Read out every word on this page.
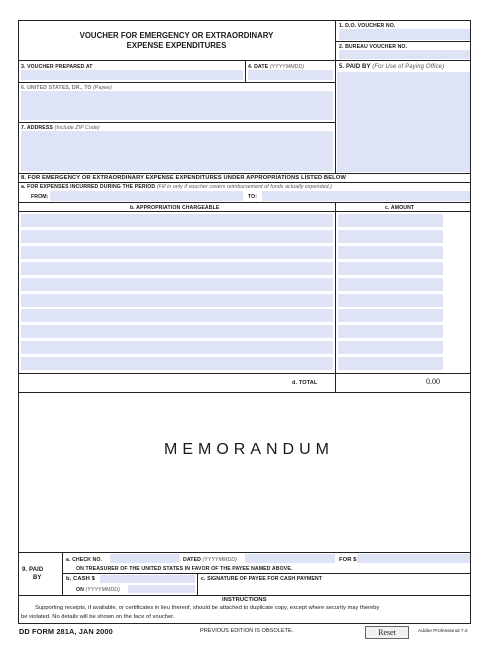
VOUCHER FOR EMERGENCY OR EXTRAORDINARY
EXPENSE EXPENDITURES
1. D.O. VOUCHER NO.
2. BUREAU VOUCHER NO.
3. VOUCHER PREPARED AT	4. DATE (YYYYMMDD)	5. PAID BY (For Use of Paying Office)
6. UNITED STATES, DR., TO (Payee)
7. ADDRESS (Include ZIP Code)
8. FOR EMERGENCY OR EXTRAORDINARY EXPENSE EXPENDITURES UNDER APPROPRIATIONS LISTED BELOW
a. FOR EXPENSES INCURRED DURING THE PERIOD (Fill in only if voucher covers reimbursement of funds actually expended.)
FROM:	TO:
b. APPROPRIATION CHARGEABLE	c. AMOUNT
d. TOTAL	0.00
MEMORANDUM
9. PAID
BY
a. CHECK NO.	DATED (YYYYMMDD)	FOR $
ON TREASURER OF THE UNITED STATES IN FAVOR OF THE PAYEE NAMED ABOVE.
b. CASH $
ON (YYYYMMDD)
c. SIGNATURE OF PAYEE FOR CASH PAYMENT
INSTRUCTIONS
Supporting receipts, if available, or certificates in lieu thereof, should be attached to duplicate copy, except where security may thereby
be violated. No details will be shown on the face of voucher.
DD FORM 281A, JAN 2000	PREVIOUS EDITION IS OBSOLETE.	Reset	Adobe Professional 7.0
